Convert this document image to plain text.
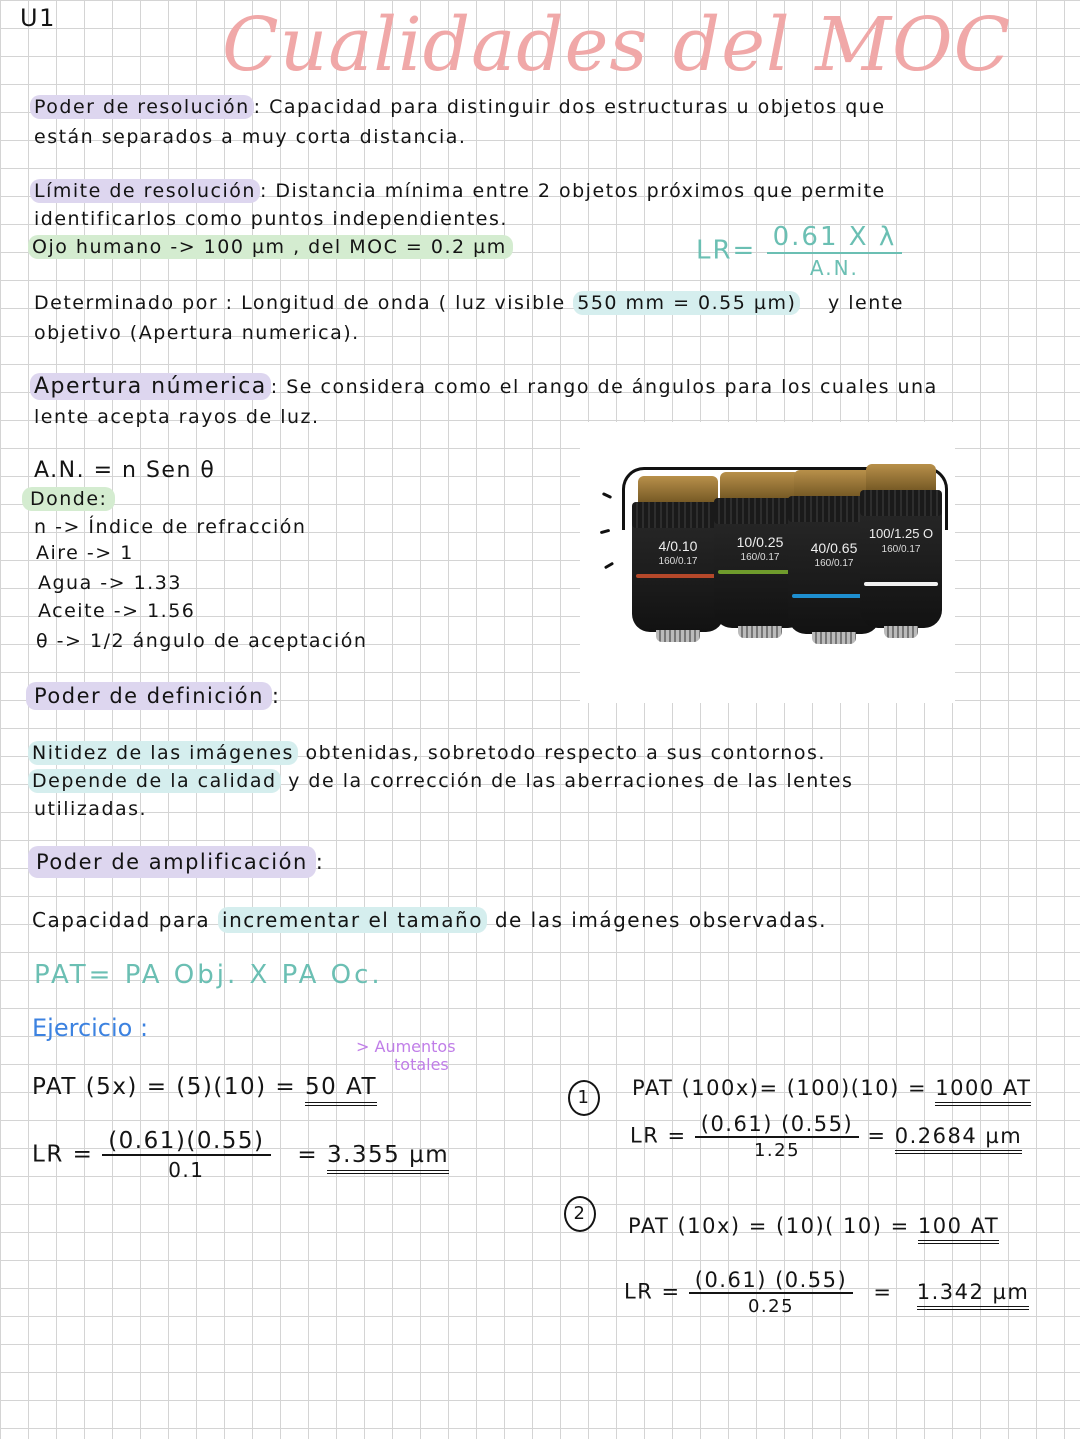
U1 Cualidades del MOC
Poder de resolución : Capacidad para distinguir dos estructuras u objetos que
están separados a muy corta distancia.
Límite de resolución : Distancia mínima entre 2 objetos próximos que permite
identificarlos como puntos independientes.
Ojo humano -> 100 µm , del MOC = 0.2 µm	$LR= \frac{\text{0.61 X λ}}{A.N.}$
Determinado por : Longitud de onda ( luz visible 550 mm = 0.55 µm) y lente
objetivo (Apertura numerica).
Apertura númerica : Se considera como el rango de ángulos para los cuales una
lente acepta rayos de luz.
A.N. = n Sen θ
Donde:
n -> Índice de refracción
Aire -> 1
Agua -> 1.33
Aceite -> 1.56
θ -> 1/2 ángulo de aceptación
4/0.10
160/0.17
10/0.25
160/0.17
40/0.65
160/0.17
100/1.25 O
160/0.17
Poder de definición :
Nitidez de las imágenes obtenidas, sobretodo respecto a sus contornos.
Depende de la calidad y de la corrección de las aberraciones de las lentes
utilizadas.
Poder de amplificación :
Capacidad para incrementar el tamaño de las imágenes observadas.
PAT= PA Obj. X PA Oc.
Ejercicio :
> Aumentos
totales
PAT (5x) = (5)(10) = 50 AT
LR = $\frac{(0.61)(0.55)}{0.1} = 3.355$ µm
1	PAT (100x)= (100)(10) = 1000 AT
LR = $\frac{(0.61) (0.55)}{1.25} = 0.2684$ µm
2
PAT (10x) = (10)( 10) = 100 AT
LR = $\frac{(0.61) (0.55)}{0.25} = 1.342$ µm
